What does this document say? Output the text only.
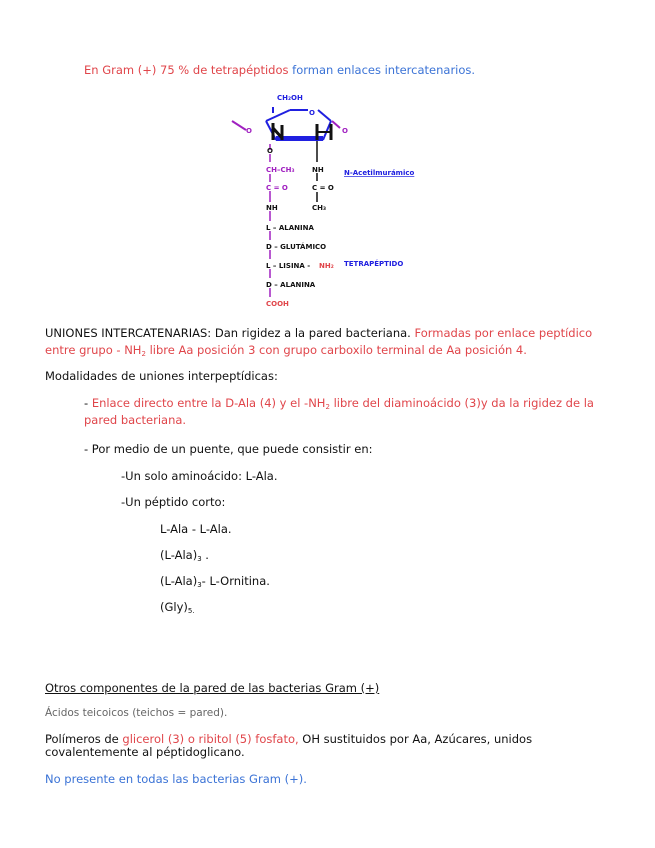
En Gram (+) 75 % de tetrapéptidos forman enlaces intercatenarios.
CH₂OH
O
O	O
O
CH–CH₃ NH
C = O	C = O
CH₃
NH
N-Acetilmurámico
L – ALANINA
D – GLUTÁMICO
L – LISINA - NH₂ TETRAPÉPTIDO
D – ALANINA
COOH
UNIONES INTERCATENARIAS: Dan rigidez a la pared bacteriana. Formadas por enlace peptídico
entre grupo - $NH_2$ libre Aa posición 3 con grupo carboxilo terminal de Aa posición 4.
Modalidades de uniones interpeptídicas:
- Enlace directo entre la D-Ala (4) y el $-NH_2$ libre del diaminoácido (3)y da la rigidez de la
pared bacteriana.
- Por medio de un puente, que puede consistir en:
-Un solo aminoácido: L-Ala.
-Un péptido corto:
L-Ala - L-Ala.
$(L-Ala)_3$ .
$(L-Ala)_3-$ L-Ornitina.
$(Gly)_{5.}$
Otros componentes de la pared de las bacterias Gram (+)
Ácidos teicoicos (teichos = pared).
Polímeros de glicerol (3) o ribitol (5) fosfato, OH sustituidos por Aa, Azúcares, unidos
covalentemente al péptidoglicano.
No presente en todas las bacterias Gram (+).
